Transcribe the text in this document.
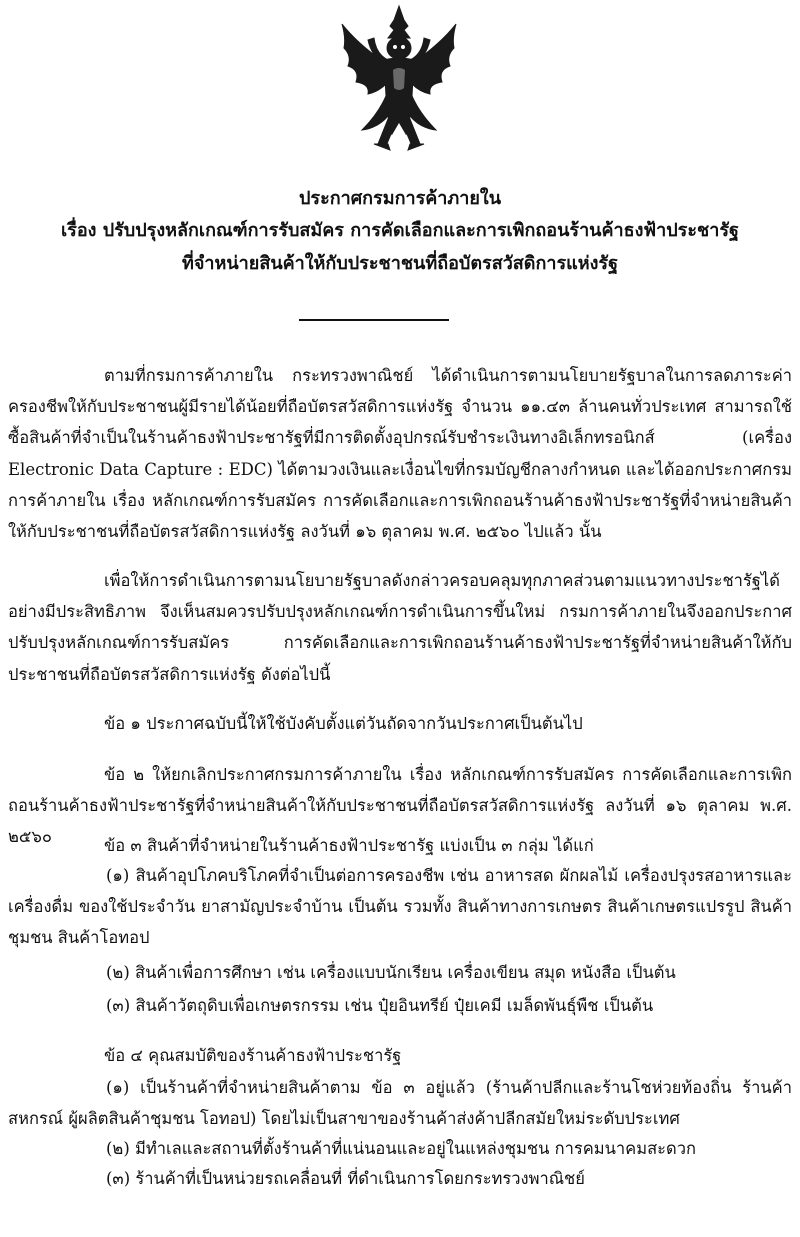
ประกาศกรมการค้าภายใน
เรื่อง ปรับปรุงหลักเกณฑ์การรับสมัคร การคัดเลือกและการเพิกถอนร้านค้าธงฟ้าประชารัฐ
ที่จำหน่ายสินค้าให้กับประชาชนที่ถือบัตรสวัสดิการแห่งรัฐ
ตามที่กรมการค้าภายใน กระทรวงพาณิชย์ ได้ดำเนินการตามนโยบายรัฐบาลในการลดภาระค่าครองชีพให้กับประชาชนผู้มีรายได้น้อยที่ถือบัตรสวัสดิการแห่งรัฐ จำนวน ๑๑.๔๓ ล้านคนทั่วประเทศ สามารถใช้ซื้อสินค้าที่จำเป็นในร้านค้าธงฟ้าประชารัฐที่มีการติดตั้งอุปกรณ์รับชำระเงินทางอิเล็กทรอนิกส์ (เครื่อง Electronic Data Capture : EDC) ได้ตามวงเงินและเงื่อนไขที่กรมบัญชีกลางกำหนด และได้ออกประกาศกรมการค้าภายใน เรื่อง หลักเกณฑ์การรับสมัคร การคัดเลือกและการเพิกถอนร้านค้าธงฟ้าประชารัฐที่จำหน่ายสินค้าให้กับประชาชนที่ถือบัตรสวัสดิการแห่งรัฐ ลงวันที่ ๑๖ ตุลาคม พ.ศ. ๒๕๖๐ ไปแล้ว นั้น
เพื่อให้การดำเนินการตามนโยบายรัฐบาลดังกล่าวครอบคลุมทุกภาคส่วนตามแนวทางประชารัฐได้อย่างมีประสิทธิภาพ จึงเห็นสมควรปรับปรุงหลักเกณฑ์การดำเนินการขึ้นใหม่ กรมการค้าภายในจึงออกประกาศปรับปรุงหลักเกณฑ์การรับสมัคร การคัดเลือกและการเพิกถอนร้านค้าธงฟ้าประชารัฐที่จำหน่ายสินค้าให้กับประชาชนที่ถือบัตรสวัสดิการแห่งรัฐ ดังต่อไปนี้
ข้อ ๑ ประกาศฉบับนี้ให้ใช้บังคับตั้งแต่วันถัดจากวันประกาศเป็นต้นไป
ข้อ ๒ ให้ยกเลิกประกาศกรมการค้าภายใน เรื่อง หลักเกณฑ์การรับสมัคร การคัดเลือกและการเพิกถอนร้านค้าธงฟ้าประชารัฐที่จำหน่ายสินค้าให้กับประชาชนที่ถือบัตรสวัสดิการแห่งรัฐ ลงวันที่ ๑๖ ตุลาคม พ.ศ. ๒๕๖๐	ข้อ ๓ สินค้าที่จำหน่ายในร้านค้าธงฟ้าประชารัฐ แบ่งเป็น ๓ กลุ่ม ได้แก่
(๑) สินค้าอุปโภคบริโภคที่จำเป็นต่อการครองชีพ เช่น อาหารสด ผักผลไม้ เครื่องปรุงรสอาหารและเครื่องดื่ม ของใช้ประจำวัน ยาสามัญประจำบ้าน เป็นต้น รวมทั้ง สินค้าทางการเกษตร สินค้าเกษตรแปรรูป สินค้าชุมชน สินค้าโอทอป
(๒) สินค้าเพื่อการศึกษา เช่น เครื่องแบบนักเรียน เครื่องเขียน สมุด หนังสือ เป็นต้น
(๓) สินค้าวัตถุดิบเพื่อเกษตรกรรม เช่น ปุ๋ยอินทรีย์ ปุ๋ยเคมี เมล็ดพันธุ์พืช เป็นต้น
ข้อ ๔ คุณสมบัติของร้านค้าธงฟ้าประชารัฐ
(๑) เป็นร้านค้าที่จำหน่ายสินค้าตาม ข้อ ๓ อยู่แล้ว (ร้านค้าปลีกและร้านโชห่วยท้องถิ่น ร้านค้าสหกรณ์ ผู้ผลิตสินค้าชุมชน โอทอป) โดยไม่เป็นสาขาของร้านค้าส่งค้าปลีกสมัยใหม่ระดับประเทศ
(๒) มีทำเลและสถานที่ตั้งร้านค้าที่แน่นอนและอยู่ในแหล่งชุมชน การคมนาคมสะดวก
(๓) ร้านค้าที่เป็นหน่วยรถเคลื่อนที่ ที่ดำเนินการโดยกระทรวงพาณิชย์
